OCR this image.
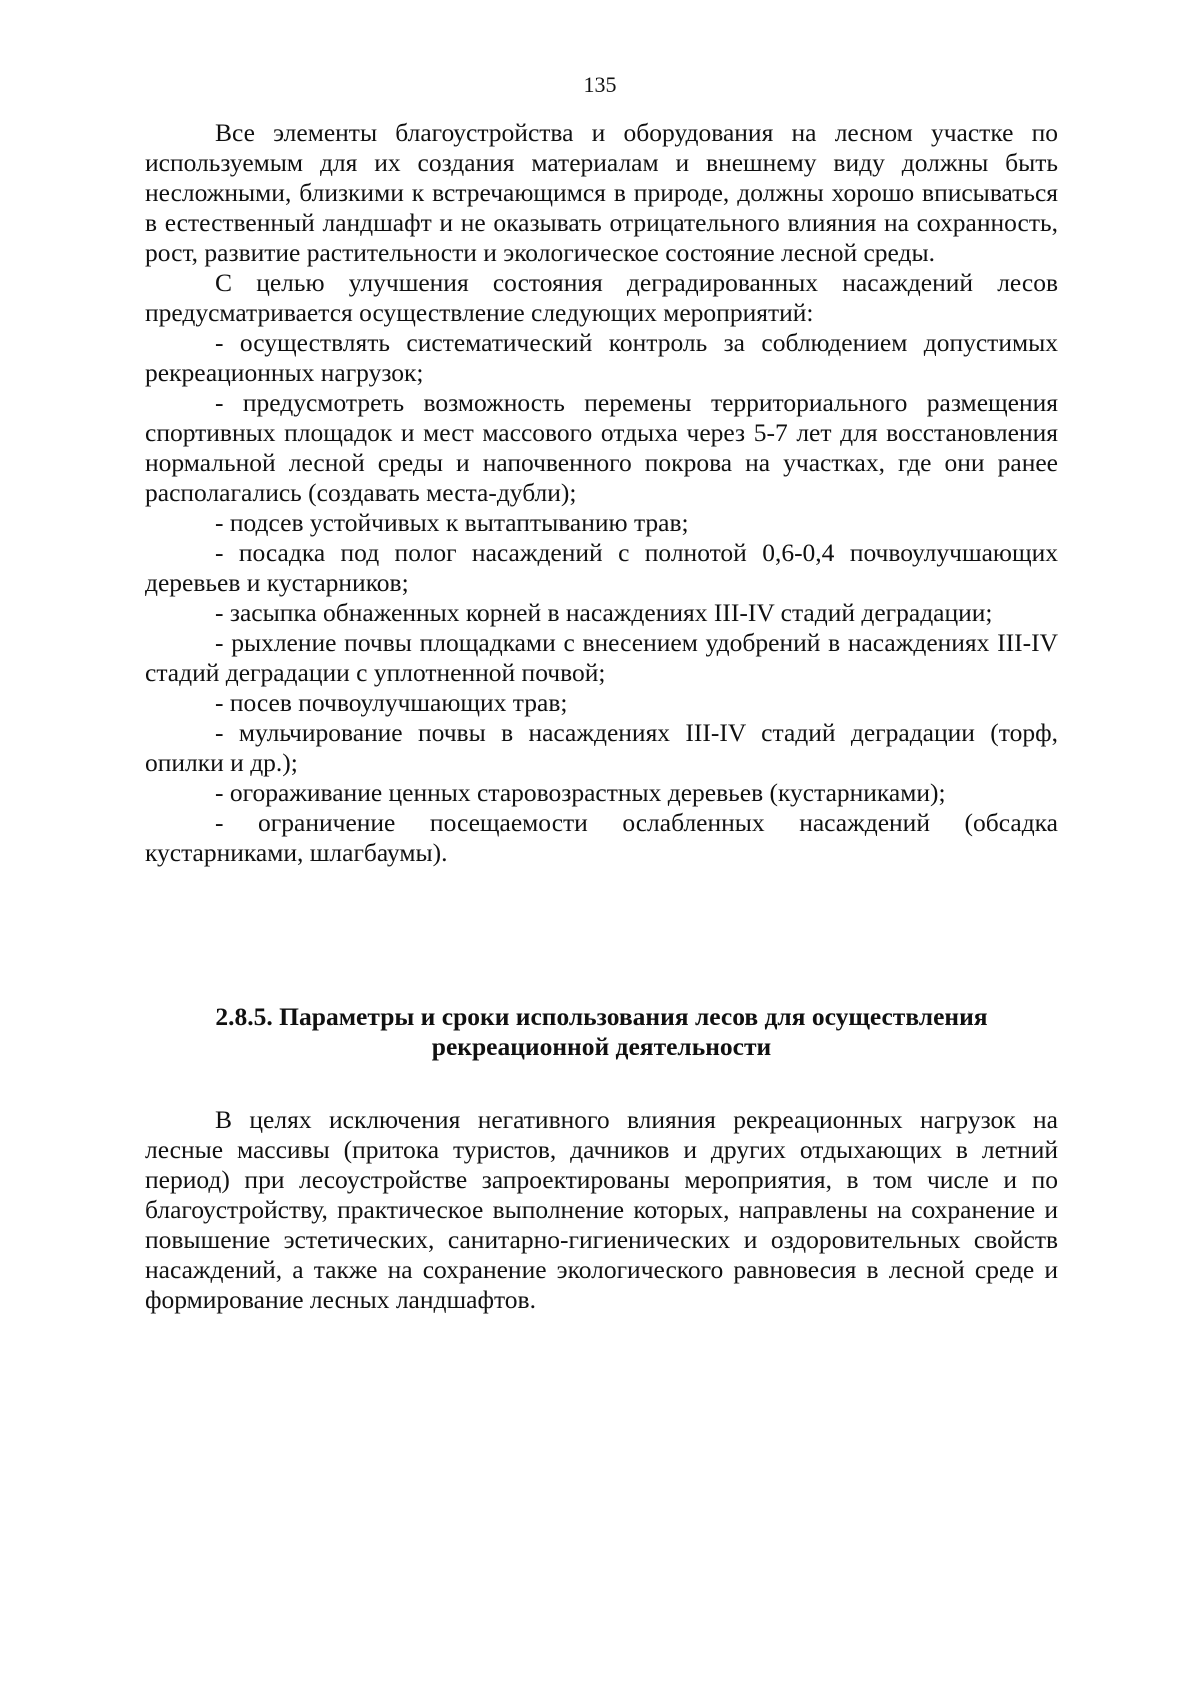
135

Все элементы благоустройства и оборудования на лесном участке по используемым для их создания материалам и внешнему виду должны быть несложными, близкими к встречающимся в природе, должны хорошо вписываться в естественный ландшафт и не оказывать отрицательного влияния на сохранность, рост, развитие растительности и экологическое состояние лесной среды.

С целью улучшения состояния деградированных насаждений лесов предусматривается осуществление следующих мероприятий:

- осуществлять систематический контроль за соблюдением допустимых рекреационных нагрузок;

- предусмотреть возможность перемены территориального размещения спортивных площадок и мест массового отдыха через 5-7 лет для восстановления нормальной лесной среды и напочвенного покрова на участках, где они ранее располагались (создавать места-дубли);

- подсев устойчивых к вытаптыванию трав;

- посадка под полог насаждений с полнотой 0,6-0,4 почвоулучшающих деревьев и кустарников;

- засыпка обнаженных корней в насаждениях III-IV стадий деградации;

- рыхление почвы площадками с внесением удобрений в насаждениях III-IV стадий деградации с уплотненной почвой;

- посев почвоулучшающих трав;

- мульчирование почвы в насаждениях III-IV стадий деградации (торф, опилки и др.);

- огораживание ценных старовозрастных деревьев (кустарниками);

- ограничение посещаемости ослабленных насаждений (обсадка кустарниками, шлагбаумы).

2.8.5. Параметры и сроки использования лесов для осуществления
рекреационной деятельности

В целях исключения негативного влияния рекреационных нагрузок на лесные массивы (притока туристов, дачников и других отдыхающих в летний период) при лесоустройстве запроектированы мероприятия, в том числе и по благоустройству, практическое выполнение которых, направлены на сохранение и повышение эстетических, санитарно-гигиенических и оздоровительных свойств насаждений, а также на сохранение экологического равновесия в лесной среде и формирование лесных ландшафтов.
